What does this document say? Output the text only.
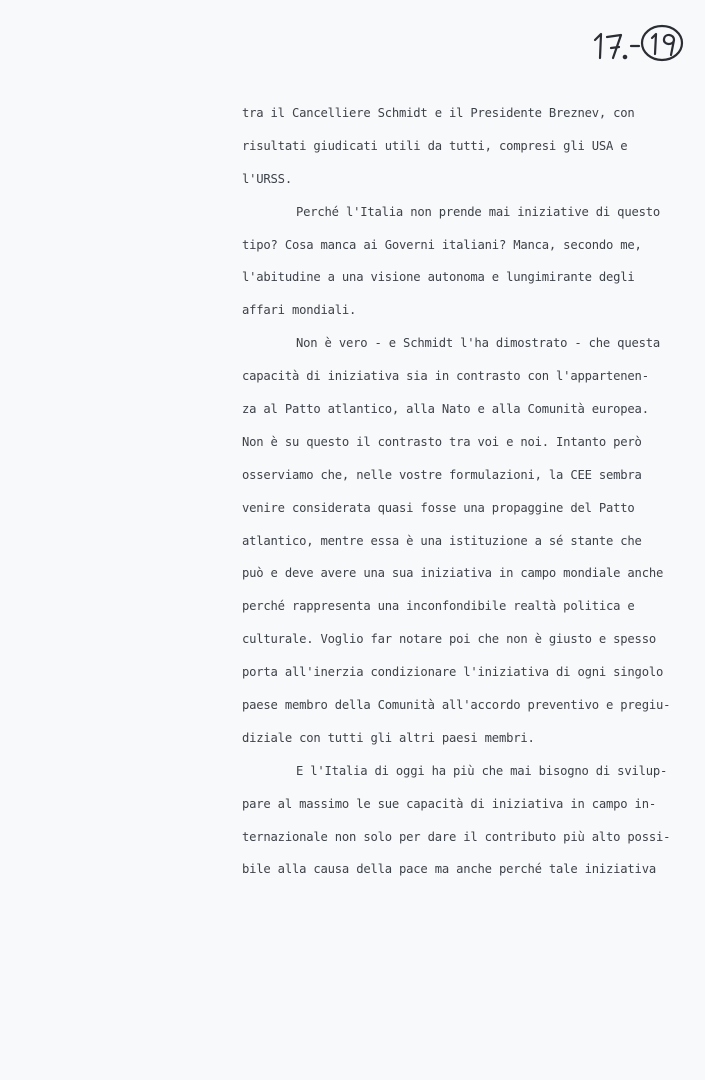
tra il Cancelliere Schmidt e il Presidente Breznev, con
risultati giudicati utili da tutti, compresi gli USA e
l'URSS.
Perché l'Italia non prende mai iniziative di questo
tipo? Cosa manca ai Governi italiani? Manca, secondo me,
l'abitudine a una visione autonoma e lungimirante degli
affari mondiali.
Non è vero - e Schmidt l'ha dimostrato - che questa
capacità di iniziativa sia in contrasto con l'appartenen-
za al Patto atlantico, alla Nato e alla Comunità europea.
Non è su questo il contrasto tra voi e noi. Intanto però
osserviamo che, nelle vostre formulazioni, la CEE sembra
venire considerata quasi fosse una propaggine del Patto
atlantico, mentre essa è una istituzione a sé stante che
può e deve avere una sua iniziativa in campo mondiale anche
perché rappresenta una inconfondibile realtà politica e
culturale. Voglio far notare poi che non è giusto e spesso
porta all'inerzia condizionare l'iniziativa di ogni singolo
paese membro della Comunità all'accordo preventivo e pregiu-
diziale con tutti gli altri paesi membri.
E l'Italia di oggi ha più che mai bisogno di svilup-
pare al massimo le sue capacità di iniziativa in campo in-
ternazionale non solo per dare il contributo più alto possi-
bile alla causa della pace ma anche perché tale iniziativa
